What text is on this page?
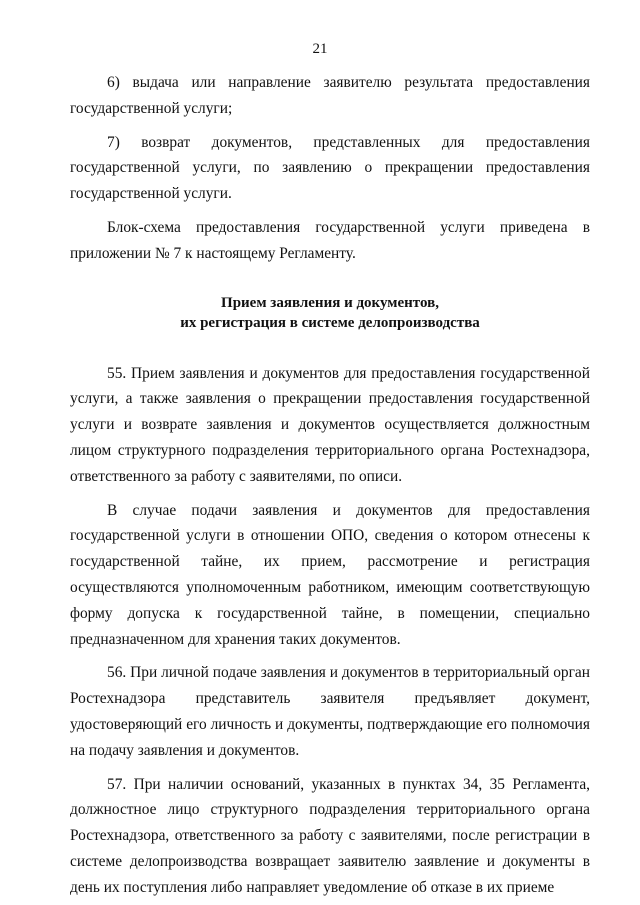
21

6) выдача или направление заявителю результата предоставления государственной услуги;

7) возврат документов, представленных для предоставления государственной услуги, по заявлению о прекращении предоставления государственной услуги.

Блок-схема предоставления государственной услуги приведена в приложении № 7 к настоящему Регламенту.

Прием заявления и документов,
их регистрация в системе делопроизводства

55. Прием заявления и документов для предоставления государственной услуги, а также заявления о прекращении предоставления государственной услуги и возврате заявления и документов осуществляется должностным лицом структурного подразделения территориального органа Ростехнадзора, ответственного за работу с заявителями, по описи.

В случае подачи заявления и документов для предоставления государственной услуги в отношении ОПО, сведения о котором отнесены к государственной тайне, их прием, рассмотрение и регистрация осуществляются уполномоченным работником, имеющим соответствующую форму допуска к государственной тайне, в помещении, специально предназначенном для хранения таких документов.

56. При личной подаче заявления и документов в территориальный орган Ростехнадзора представитель заявителя предъявляет документ, удостоверяющий его личность и документы, подтверждающие его полномочия на подачу заявления и документов.

57. При наличии оснований, указанных в пунктах 34, 35 Регламента, должностное лицо структурного подразделения территориального органа Ростехнадзора, ответственного за работу с заявителями, после регистрации в системе делопроизводства возвращает заявителю заявление и документы в день их поступления либо направляет уведомление об отказе в их приеме
